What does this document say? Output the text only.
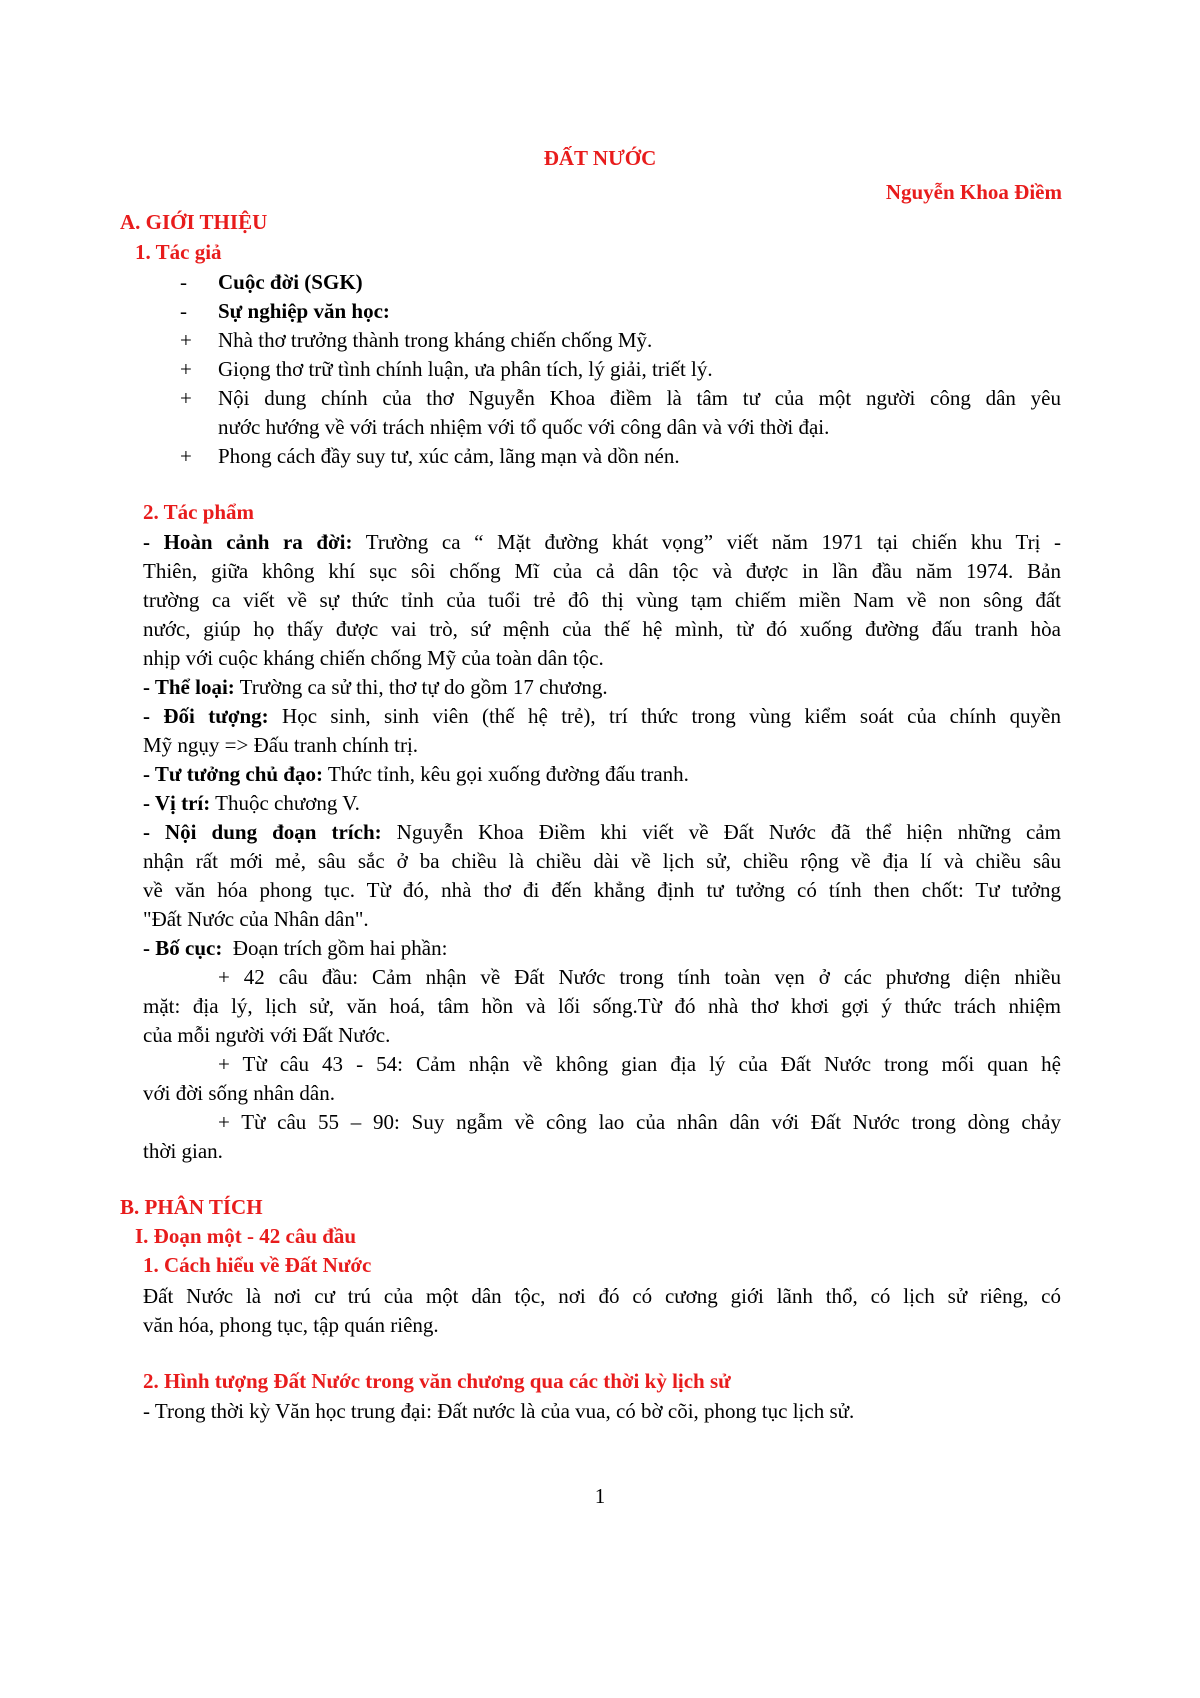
ĐẤT NƯỚC
Nguyễn Khoa Điềm
A. GIỚI THIỆU
1. Tác giả
- Cuộc đời (SGK)
- Sự nghiệp văn học:
+ Nhà thơ trưởng thành trong kháng chiến chống Mỹ.
+ Giọng thơ trữ tình chính luận, ưa phân tích, lý giải, triết lý.
+ Nội dung chính của thơ Nguyễn Khoa điềm là tâm tư của một người công dân yêu
nước hướng về với trách nhiệm với tổ quốc với công dân và với thời đại.
+ Phong cách đầy suy tư, xúc cảm, lãng mạn và dồn nén.
2. Tác phẩm
- Hoàn cảnh ra đời: Trường ca “ Mặt đường khát vọng” viết năm 1971 tại chiến khu Trị -
Thiên, giữa không khí sục sôi chống Mĩ của cả dân tộc và được in lần đầu năm 1974. Bản
trường ca viết về sự thức tỉnh của tuổi trẻ đô thị vùng tạm chiếm miền Nam về non sông đất
nước, giúp họ thấy được vai trò, sứ mệnh của thế hệ mình, từ đó xuống đường đấu tranh hòa
nhịp với cuộc kháng chiến chống Mỹ của toàn dân tộc.
- Thể loại: Trường ca sử thi, thơ tự do gồm 17 chương.
- Đối tượng: Học sinh, sinh viên (thế hệ trẻ), trí thức trong vùng kiểm soát của chính quyền
Mỹ ngụy => Đấu tranh chính trị.
- Tư tưởng chủ đạo: Thức tỉnh, kêu gọi xuống đường đấu tranh.
- Vị trí: Thuộc chương V.
- Nội dung đoạn trích: Nguyễn Khoa Điềm khi viết về Đất Nước đã thể hiện những cảm
nhận rất mới mẻ, sâu sắc ở ba chiều là chiều dài về lịch sử, chiều rộng về địa lí và chiều sâu
về văn hóa phong tục. Từ đó, nhà thơ đi đến khẳng định tư tưởng có tính then chốt: Tư tưởng
"Đất Nước của Nhân dân".
- Bố cục: Đoạn trích gồm hai phần:
+ 42 câu đầu: Cảm nhận về Đất Nước trong tính toàn vẹn ở các phương diện nhiều
mặt: địa lý, lịch sử, văn hoá, tâm hồn và lối sống.Từ đó nhà thơ khơi gợi ý thức trách nhiệm
của mỗi người với Đất Nước.
+ Từ câu 43 - 54: Cảm nhận về không gian địa lý của Đất Nước trong mối quan hệ
với đời sống nhân dân.
+ Từ câu 55 – 90: Suy ngẫm về công lao của nhân dân với Đất Nước trong dòng chảy
thời gian.
B. PHÂN TÍCH
I. Đoạn một - 42 câu đầu
1. Cách hiểu về Đất Nước
Đất Nước là nơi cư trú của một dân tộc, nơi đó có cương giới lãnh thổ, có lịch sử riêng, có
văn hóa, phong tục, tập quán riêng.
2. Hình tượng Đất Nước trong văn chương qua các thời kỳ lịch sử
- Trong thời kỳ Văn học trung đại: Đất nước là của vua, có bờ cõi, phong tục lịch sử.
1
